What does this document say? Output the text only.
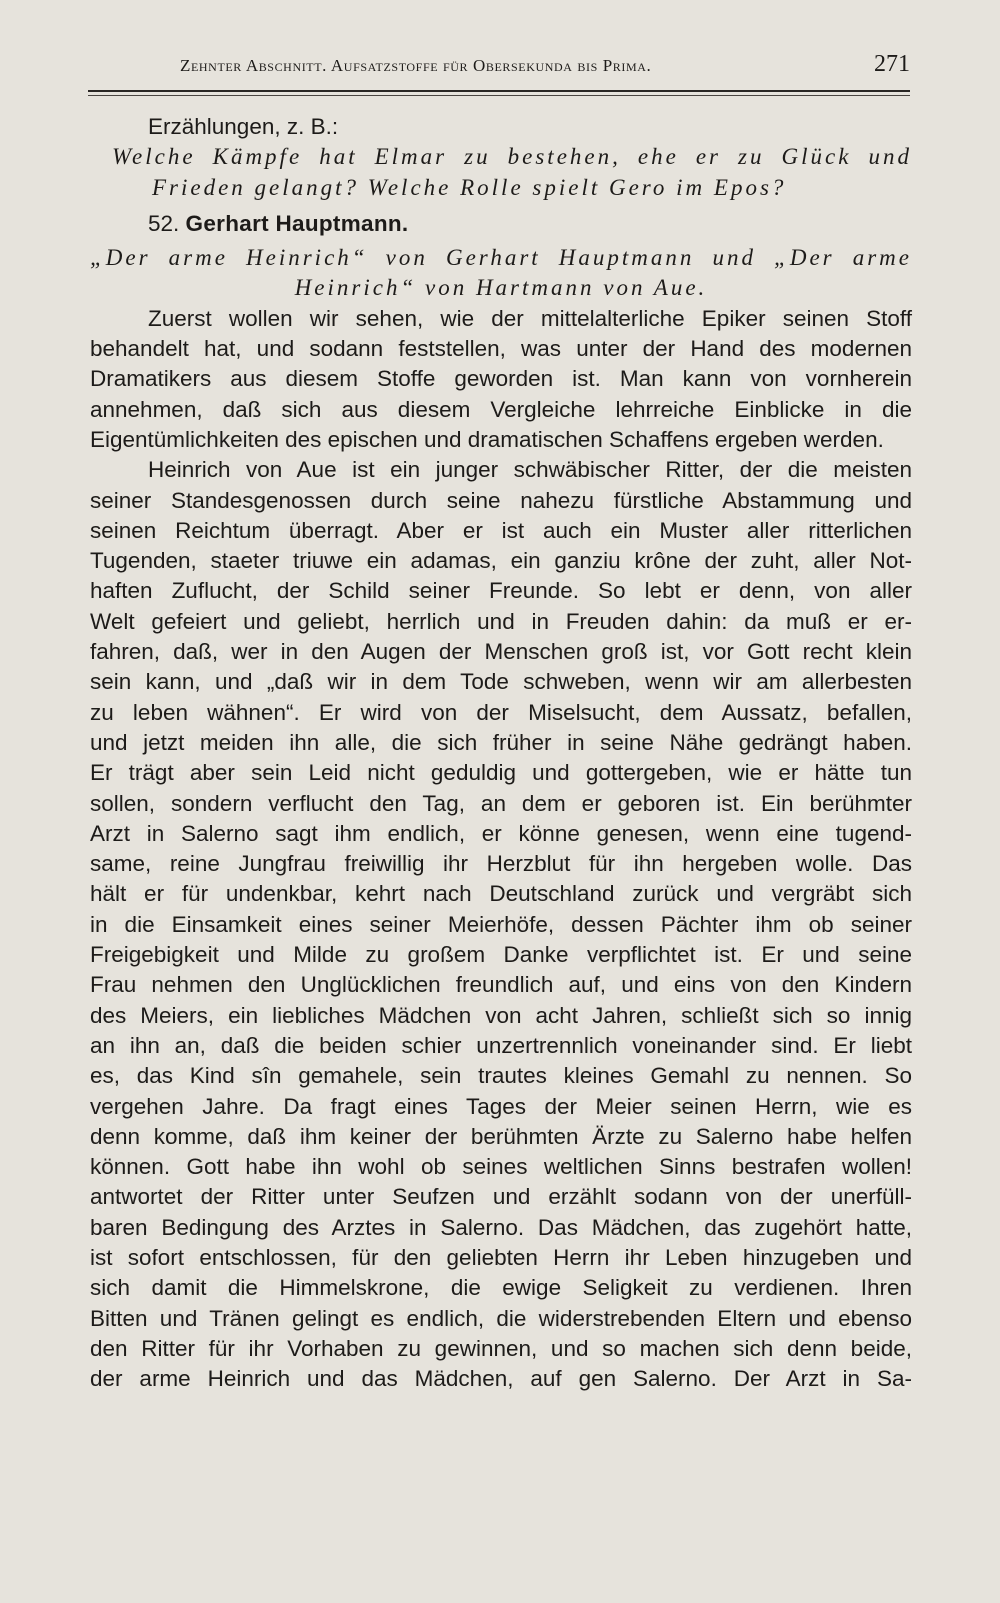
Zehnter Abschnitt. Aufsatzstoffe für Obersekunda bis Prima.	271
Erzählungen, z. B.:
Welche Kämpfe hat Elmar zu bestehen, ehe er zu Glück und
Frieden gelangt? Welche Rolle spielt Gero im Epos?
52. Gerhart Hauptmann.
„Der arme Heinrich“ von Gerhart Hauptmann und „Der arme
Heinrich“ von Hartmann von Aue.
Zuerst wollen wir sehen, wie der mittelalterliche Epiker seinen Stoff
behandelt hat, und sodann feststellen, was unter der Hand des modernen
Dramatikers aus diesem Stoffe geworden ist. Man kann von vornherein
annehmen, daß sich aus diesem Vergleiche lehrreiche Einblicke in die
Eigentümlichkeiten des epischen und dramatischen Schaffens ergeben werden.
Heinrich von Aue ist ein junger schwäbischer Ritter, der die meisten
seiner Standesgenossen durch seine nahezu fürstliche Abstammung und
seinen Reichtum überragt. Aber er ist auch ein Muster aller ritterlichen
Tugenden, staeter triuwe ein adamas, ein ganziu krône der zuht, aller Not-
haften Zuflucht, der Schild seiner Freunde. So lebt er denn, von aller
Welt gefeiert und geliebt, herrlich und in Freuden dahin: da muß er er-
fahren, daß, wer in den Augen der Menschen groß ist, vor Gott recht klein
sein kann, und „daß wir in dem Tode schweben, wenn wir am allerbesten
zu leben wähnen“. Er wird von der Miselsucht, dem Aussatz, befallen,
und jetzt meiden ihn alle, die sich früher in seine Nähe gedrängt haben.
Er trägt aber sein Leid nicht geduldig und gottergeben, wie er hätte tun
sollen, sondern verflucht den Tag, an dem er geboren ist. Ein berühmter
Arzt in Salerno sagt ihm endlich, er könne genesen, wenn eine tugend-
same, reine Jungfrau freiwillig ihr Herzblut für ihn hergeben wolle. Das
hält er für undenkbar, kehrt nach Deutschland zurück und vergräbt sich
in die Einsamkeit eines seiner Meierhöfe, dessen Pächter ihm ob seiner
Freigebigkeit und Milde zu großem Danke verpflichtet ist. Er und seine
Frau nehmen den Unglücklichen freundlich auf, und eins von den Kindern
des Meiers, ein liebliches Mädchen von acht Jahren, schließt sich so innig
an ihn an, daß die beiden schier unzertrennlich voneinander sind. Er liebt
es, das Kind sîn gemahele, sein trautes kleines Gemahl zu nennen. So
vergehen Jahre. Da fragt eines Tages der Meier seinen Herrn, wie es
denn komme, daß ihm keiner der berühmten Ärzte zu Salerno habe helfen
können. Gott habe ihn wohl ob seines weltlichen Sinns bestrafen wollen!
antwortet der Ritter unter Seufzen und erzählt sodann von der unerfüll-
baren Bedingung des Arztes in Salerno. Das Mädchen, das zugehört hatte,
ist sofort entschlossen, für den geliebten Herrn ihr Leben hinzugeben und
sich damit die Himmelskrone, die ewige Seligkeit zu verdienen. Ihren
Bitten und Tränen gelingt es endlich, die widerstrebenden Eltern und ebenso
den Ritter für ihr Vorhaben zu gewinnen, und so machen sich denn beide,
der arme Heinrich und das Mädchen, auf gen Salerno. Der Arzt in Sa-
